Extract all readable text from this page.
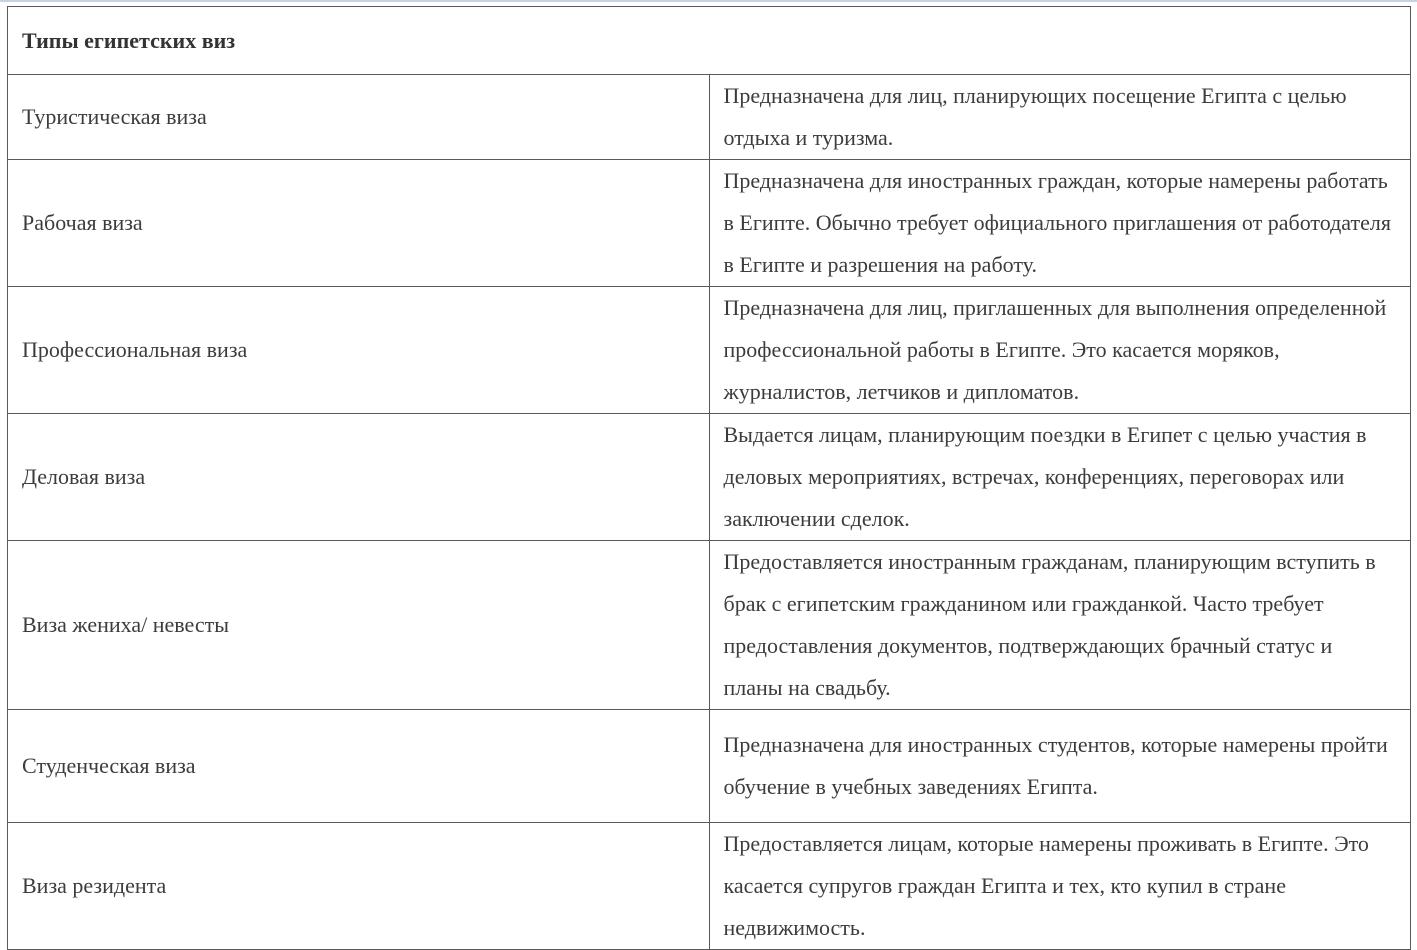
Типы египетских виз	
Туристическая виза	Предназначена для лиц, планирующих посещение Египта с целью отдыха и туризма.
Рабочая виза	Предназначена для иностранных граждан, которые намерены работать в Египте. Обычно требует официального приглашения от работодателя в Египте и разрешения на работу.
Профессиональная виза	Предназначена для лиц, приглашенных для выполнения определенной профессиональной работы в Египте. Это касается моряков, журналистов, летчиков и дипломатов.
Деловая виза	Выдается лицам, планирующим поездки в Египет с целью участия в деловых мероприятиях, встречах, конференциях, переговорах или заключении сделок.
Виза жениха/ невесты	Предоставляется иностранным гражданам, планирующим вступить в брак с египетским гражданином или гражданкой. Часто требует предоставления документов, подтверждающих брачный статус и планы на свадьбу.
Студенческая виза	Предназначена для иностранных студентов, которые намерены пройти обучение в учебных заведениях Египта.
Виза резидента	Предоставляется лицам, которые намерены проживать в Египте. Это касается супругов граждан Египта и тех, кто купил в стране недвижимость.
